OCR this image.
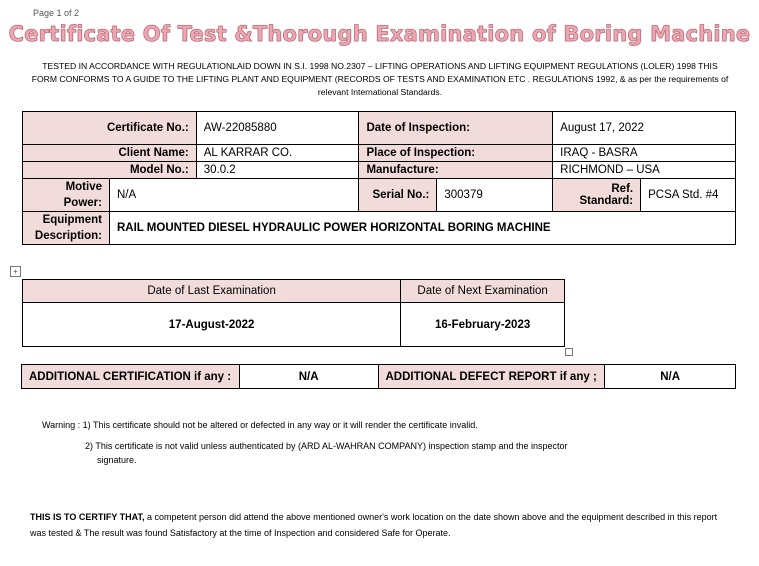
Page 1 of 2
Certificate Of Test &Thorough Examination of Boring Machine
TESTED IN ACCORDANCE WITH REGULATIONLAID DOWN IN S.I. 1998 NO.2307 – LIFTING OPERATIONS AND LIFTING EQUIPMENT REGULATIONS (LOLER) 1998 THIS FORM CONFORMS TO A GUIDE TO THE LIFTING PLANT AND EQUIPMENT (RECORDS OF TESTS AND EXAMINATION ETC . REGULATIONS 1992, & as per the requirements of relevant International Standards.
Certificate No.:		AW-22085880	Date of Inspection:		August 17, 2022	
Client Name:		AL KARRAR CO.	Place of Inspection:		IRAQ - BASRA	
Model No.:		30.0.2	Manufacture:		RICHMOND – USA	
Motive Power:	N/A		Serial No.:	300379	Ref. Standard:	PCSA Std. #4
Equipment Description:	RAIL MOUNTED DIESEL HYDRAULIC POWER HORIZONTAL BORING MACHINE					
+
Date of Last Examination	Date of Next Examination
17-August-2022	16-February-2023
ADDITIONAL CERTIFICATION if any :	N/A	ADDITIONAL DEFECT REPORT if any ;	N/A
Warning : 1) This certificate should not be altered or defected in any way or it will render the certificate invalid.
2) This certificate is not valid unless authenticated by (ARD AL-WAHRAN COMPANY) inspection stamp and the inspector signature.
THIS IS TO CERTIFY THAT, a competent person did attend the above mentioned owner's work location on the date shown above and the equipment described in this report was tested & The result was found Satisfactory at the time of Inspection and considered Safe for Operate.
